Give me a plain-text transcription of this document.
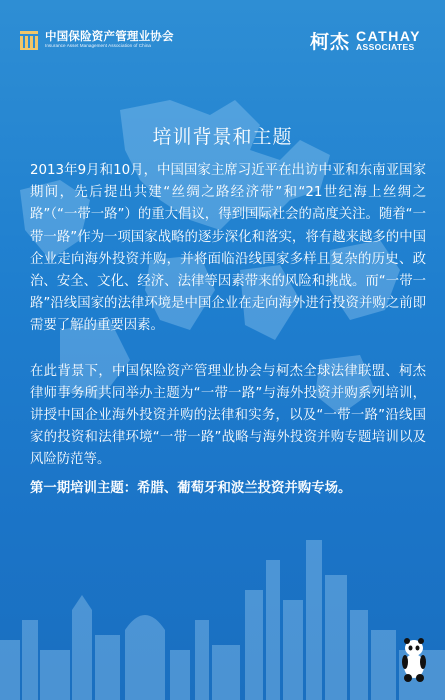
中国保险资产管理业协会
Insurance Asset Management Association of China	柯杰 CATHAY
ASSOCIATES
培训背景和主题

2013年9月和10月，中国国家主席习近平在出访中亚和东南亚国家期间，先后提出共建“丝绸之路经济带”和“21世纪海上丝绸之路”（“一带一路”）的重大倡议，得到国际社会的高度关注。随着“一带一路”作为一项国家战略的逐步深化和落实，将有越来越多的中国企业走向海外投资并购，并将面临沿线国家多样且复杂的历史、政治、安全、文化、经济、法律等因素带来的风险和挑战。而“一带一路”沿线国家的法律环境是中国企业在走向海外进行投资并购之前即需要了解的重要因素。

在此背景下，中国保险资产管理业协会与柯杰全球法律联盟、柯杰律师事务所共同举办主题为“一带一路”与海外投资并购系列培训，讲授中国企业海外投资并购的法律和实务，以及“一带一路”沿线国家的投资和法律环境“一带一路”战略与海外投资并购专题培训以及风险防范等。

第一期培训主题：希腊、葡萄牙和波兰投资并购专场。
